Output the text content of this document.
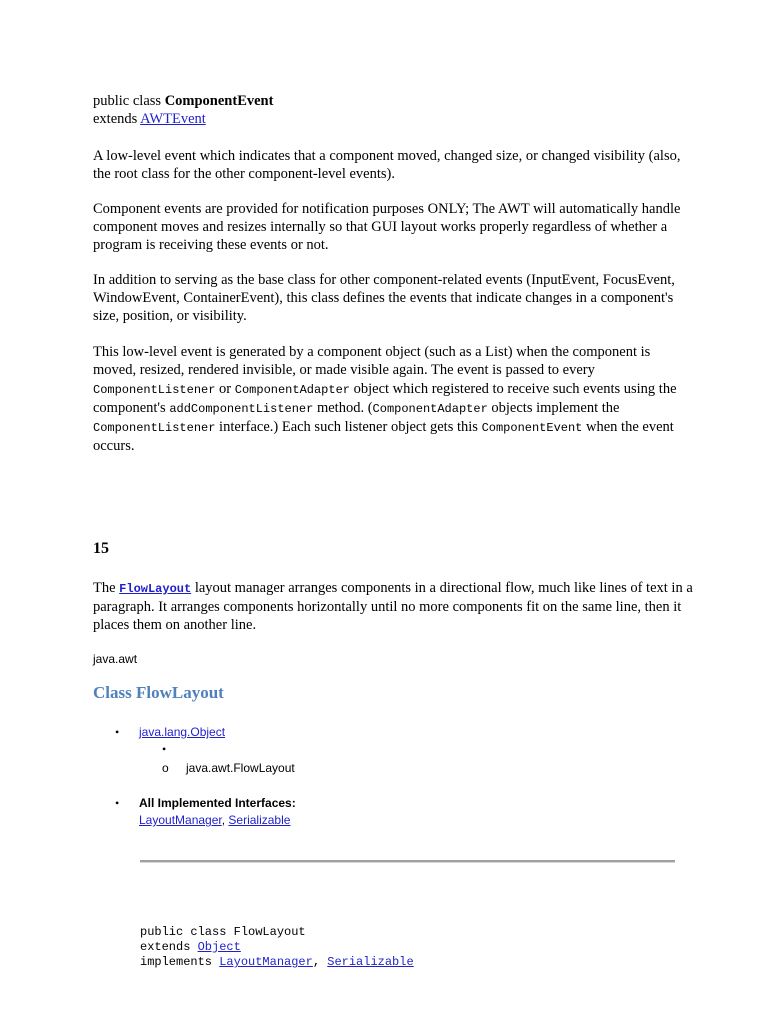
public class ComponentEvent
extends AWTEvent

A low-level event which indicates that a component moved, changed size, or changed visibility (also, the root class for the other component-level events).

Component events are provided for notification purposes ONLY; The AWT will automatically handle component moves and resizes internally so that GUI layout works properly regardless of whether a program is receiving these events or not.

In addition to serving as the base class for other component-related events (InputEvent, FocusEvent, WindowEvent, ContainerEvent), this class defines the events that indicate changes in a component's size, position, or visibility.

This low-level event is generated by a component object (such as a List) when the component is moved, resized, rendered invisible, or made visible again. The event is passed to every ComponentListener or ComponentAdapter object which registered to receive such events using the component's addComponentListener method. (ComponentAdapter objects implement the ComponentListener interface.) Each such listener object gets this ComponentEvent when the event occurs.

15

The FlowLayout layout manager arranges components in a directional flow, much like lines of text in a paragraph. It arranges components horizontally until no more components fit on the same line, then it places them on another line.

java.awt
Class FlowLayout
• java.lang.Object
•
o java.awt.FlowLayout
• All Implemented Interfaces:
LayoutManager, Serializable
public class FlowLayout
extends Object
implements LayoutManager, Serializable
